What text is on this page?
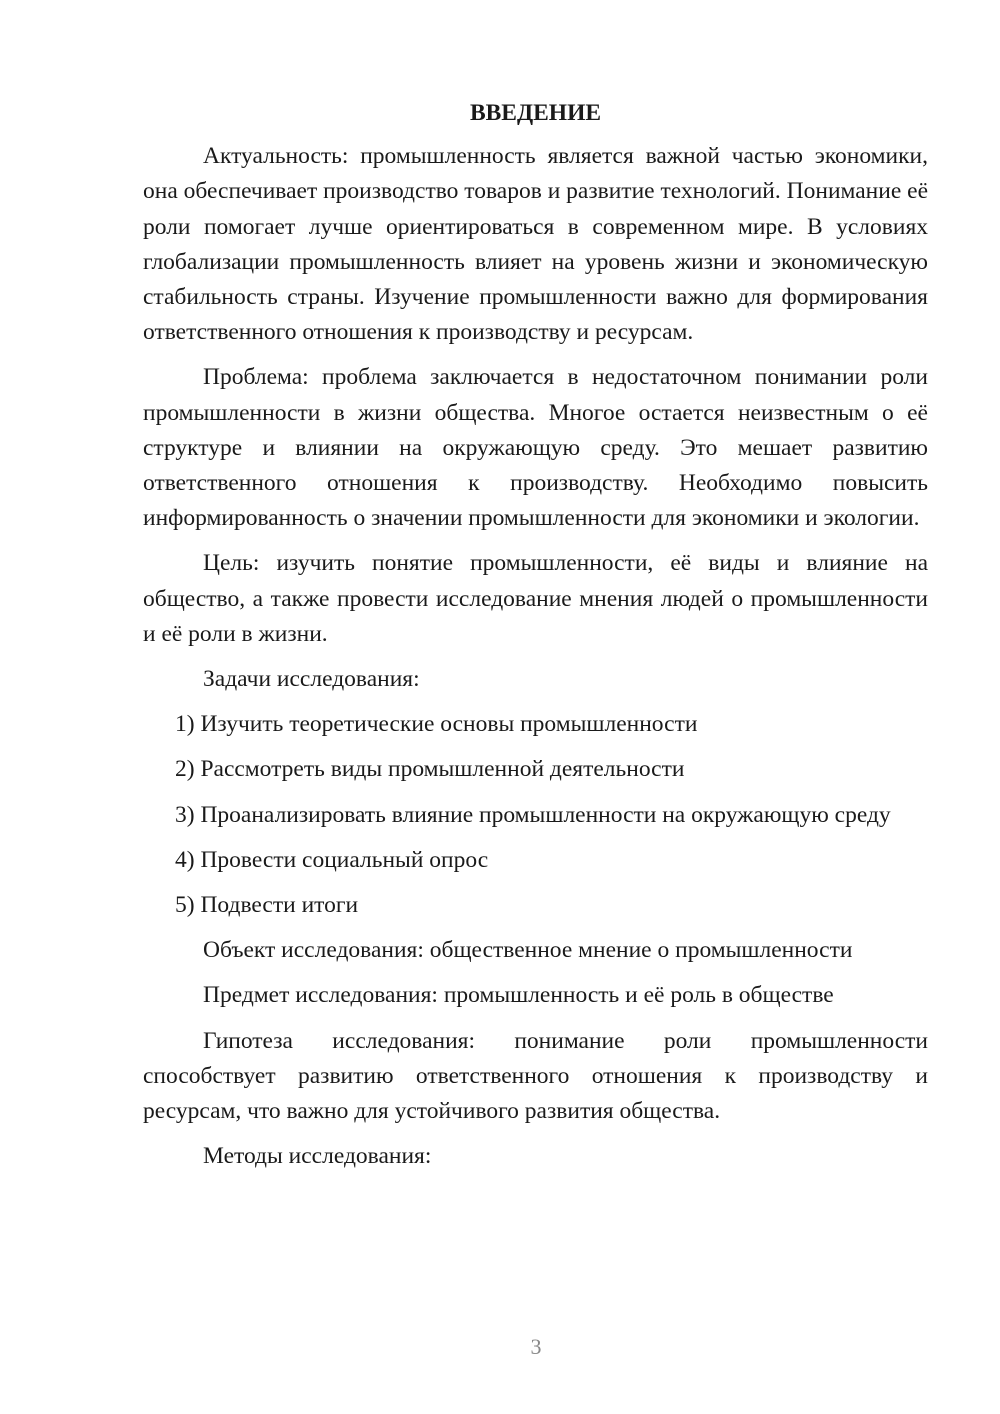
ВВЕДЕНИЕ

Актуальность: промышленность является важной частью экономики, она обеспечивает производство товаров и развитие технологий. Понимание её роли помогает лучше ориентироваться в современном мире. В условиях глобализации промышленность влияет на уровень жизни и экономическую стабильность страны. Изучение промышленности важно для формирования ответственного отношения к производству и ресурсам.

Проблема: проблема заключается в недостаточном понимании роли промышленности в жизни общества. Многое остается неизвестным о её структуре и влиянии на окружающую среду. Это мешает развитию ответственного отношения к производству. Необходимо повысить информированность о значении промышленности для экономики и экологии.

Цель: изучить понятие промышленности, её виды и влияние на общество, а также провести исследование мнения людей о промышленности и её роли в жизни.

Задачи исследования:

1) Изучить теоретические основы промышленности

2) Рассмотреть виды промышленной деятельности

3) Проанализировать влияние промышленности на окружающую среду

4) Провести социальный опрос

5) Подвести итоги

Объект исследования: общественное мнение о промышленности

Предмет исследования: промышленность и её роль в обществе

Гипотеза исследования: понимание роли промышленности способствует развитию ответственного отношения к производству и ресурсам, что важно для устойчивого развития общества.

Методы исследования:

3
